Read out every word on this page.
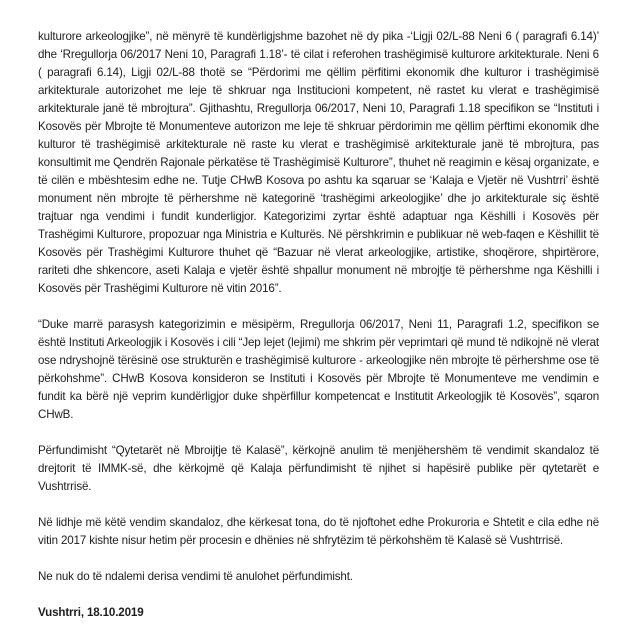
kulturore arkeologjike”, në mënyrë të kundërligjshme bazohet në dy pika -‘Ligji 02/L-88 Neni 6 ( paragrafi 6.14)’ dhe ‘Rregullorja 06/2017 Neni 10, Paragrafi 1.18’- të cilat i referohen trashëgimisë kulturore arkitekturale. Neni 6 ( paragrafi 6.14), Ligji 02/L-88 thotë se “Përdorimi me qëllim përfitimi ekonomik dhe kulturor i trashëgimisë arkitekturale autorizohet me leje të shkruar nga Institucioni kompetent, në rastet ku vlerat e trashëgimisë arkitekturale janë të mbrojtura”. Gjithashtu, Rregullorja 06/2017, Neni 10, Paragrafi 1.18 specifikon se “Instituti i Kosovës për Mbrojte të Monumenteve autorizon me leje të shkruar përdorimin me qëllim përftimi ekonomik dhe kulturor të trashëgimisë arkitekturale në raste ku vlerat e trashëgimisë arkitekturale janë të mbrojtura, pas konsultimit me Qendrën Rajonale përkatëse të Trashëgimisë Kulturore”, thuhet në reagimin e kësaj organizate, e të cilën e mbështesim edhe ne. Tutje CHwB Kosova po ashtu ka sqaruar se ‘Kalaja e Vjetër në Vushtrri’ është monument nën mbrojte të përhershme në kategorinë ‘trashëgimi arkeologjike’ dhe jo arkitekturale siç është trajtuar nga vendimi i fundit kunderligjor. Kategorizimi zyrtar është adaptuar nga Këshilli i Kosovës për Trashëgimi Kulturore, propozuar nga Ministria e Kulturës. Në përshkrimin e publikuar në web-faqen e Këshillit të Kosovës për Trashëgimi Kulturore thuhet që “Bazuar në vlerat arkeologjike, artistike, shoqërore, shpirtërore, rariteti dhe shkencore, aseti Kalaja e vjetër është shpallur monument në mbrojtje të përhershme nga Këshilli i Kosovës për Trashëgimi Kulturore në vitin 2016”.

“Duke marrë parasysh kategorizimin e mësipërm, Rregullorja 06/2017, Neni 11, Paragrafi 1.2, specifikon se është Instituti Arkeologjik i Kosovës i cili “Jep lejet (lejimi) me shkrim për veprimtari që mund të ndikojnë në vlerat ose ndryshojnë tërësinë ose strukturën e trashëgimisë kulturore - arkeologjike nën mbrojte të përhershme ose të përkohshme”. CHwB Kosova konsideron se Instituti i Kosovës për Mbrojte të Monumenteve me vendimin e fundit ka bërë një veprim kundërligjor duke shpërfillur kompetencat e Institutit Arkeologjik të Kosovës”, sqaron CHwB.

Përfundimisht “Qytetarët në Mbroijtje të Kalasë”, kërkojnë anulim të menjëhershëm të vendimit skandaloz të drejtorit të IMMK-së, dhe kërkojmë që Kalaja përfundimisht të njihet si hapësirë publike për qytetarët e Vushtrrisë.

Në lidhje më këtë vendim skandaloz, dhe kërkesat tona, do të njoftohet edhe Prokuroria e Shtetit e cila edhe në vitin 2017 kishte nisur hetim për procesin e dhënies në shfrytëzim të përkohshëm të Kalasë së Vushtrrisë.

Ne nuk do të ndalemi derisa vendimi të anulohet përfundimisht.

Vushtrri, 18.10.2019
